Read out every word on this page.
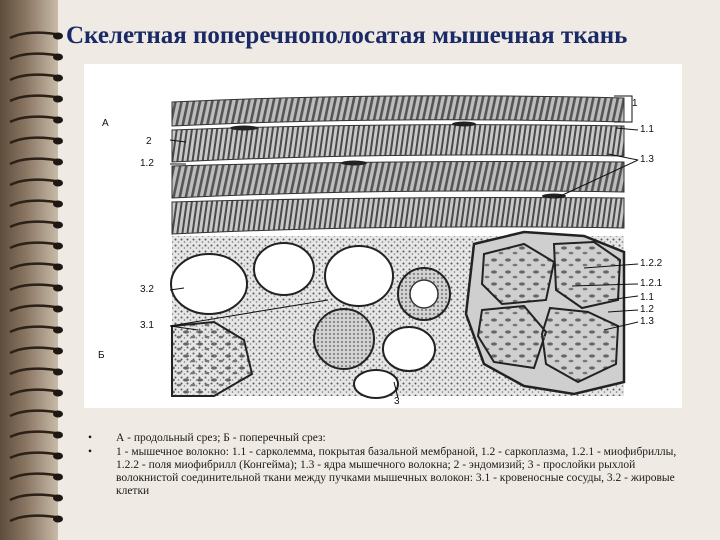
Скелетная поперечнополосатая мышечная ткань
А
1
1.1
2
1.2	1.3
3.2
3.1
Б
1.2.2
1.2.1
1.1
1.2
1.3
3
• А - продольный срез; Б - поперечный срез:
• 1 - мышечное волокно: 1.1 - сарколемма, покрытая базальной мембраной, 1.2 - саркоплазма, 1.2.1 - миофибриллы, 1.2.2 - поля миофибрилл (Конгейма); 1.3 - ядра мышечного волокна; 2 - эндомизий; 3 - прослойки рыхлой волокнистой соединительной ткани между пучками мышечных волокон: 3.1 - кровеносные сосуды, 3.2 - жировые клетки
